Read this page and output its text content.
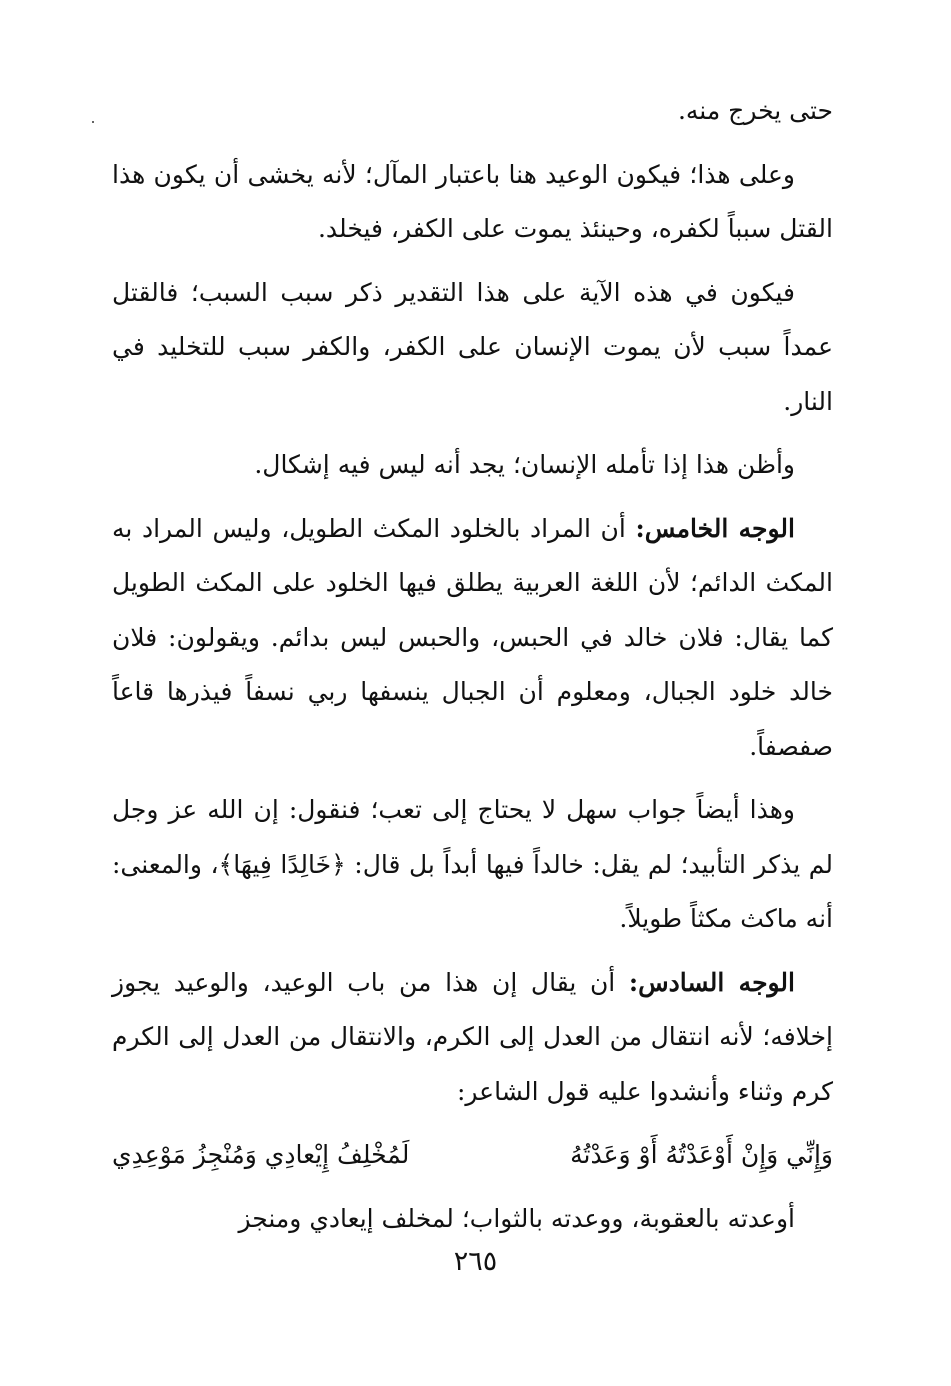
حتى يخرج منه.

وعلى هذا؛ فيكون الوعيد هنا باعتبار المآل؛ لأنه يخشى أن يكون هذا القتل سبباً لكفره، وحينئذ يموت على الكفر، فيخلد.

فيكون في هذه الآية على هذا التقدير ذكر سبب السبب؛ فالقتل عمداً سبب لأن يموت الإنسان على الكفر، والكفر سبب للتخليد في النار.

وأظن هذا إذا تأمله الإنسان؛ يجد أنه ليس فيه إشكال.

الوجه الخامس: أن المراد بالخلود المكث الطويل، وليس المراد به المكث الدائم؛ لأن اللغة العربية يطلق فيها الخلود على المكث الطويل كما يقال: فلان خالد في الحبس، والحبس ليس بدائم. ويقولون: فلان خالد خلود الجبال، ومعلوم أن الجبال ينسفها ربي نسفاً فيذرها قاعاً صفصفاً.

وهذا أيضاً جواب سهل لا يحتاج إلى تعب؛ فنقول: إن الله عز وجل لم يذكر التأبيد؛ لم يقل: خالداً فيها أبداً بل قال: ﴿خَالِدًا فِيهَا﴾، والمعنى: أنه ماكث مكثاً طويلاً.

الوجه السادس: أن يقال إن هذا من باب الوعيد، والوعيد يجوز إخلافه؛ لأنه انتقال من العدل إلى الكرم، والانتقال من العدل إلى الكرم كرم وثناء وأنشدوا عليه قول الشاعر:

وَإِنِّي وَإِنْ أَوْعَدْتُهُ أَوْ وَعَدْتُهُ
لَمُخْلِفُ إِيْعادِي وَمُنْجِزُ مَوْعِدِي

أوعدته بالعقوبة، ووعدته بالثواب؛ لمخلف إيعادي ومنجز

٢٦٥
